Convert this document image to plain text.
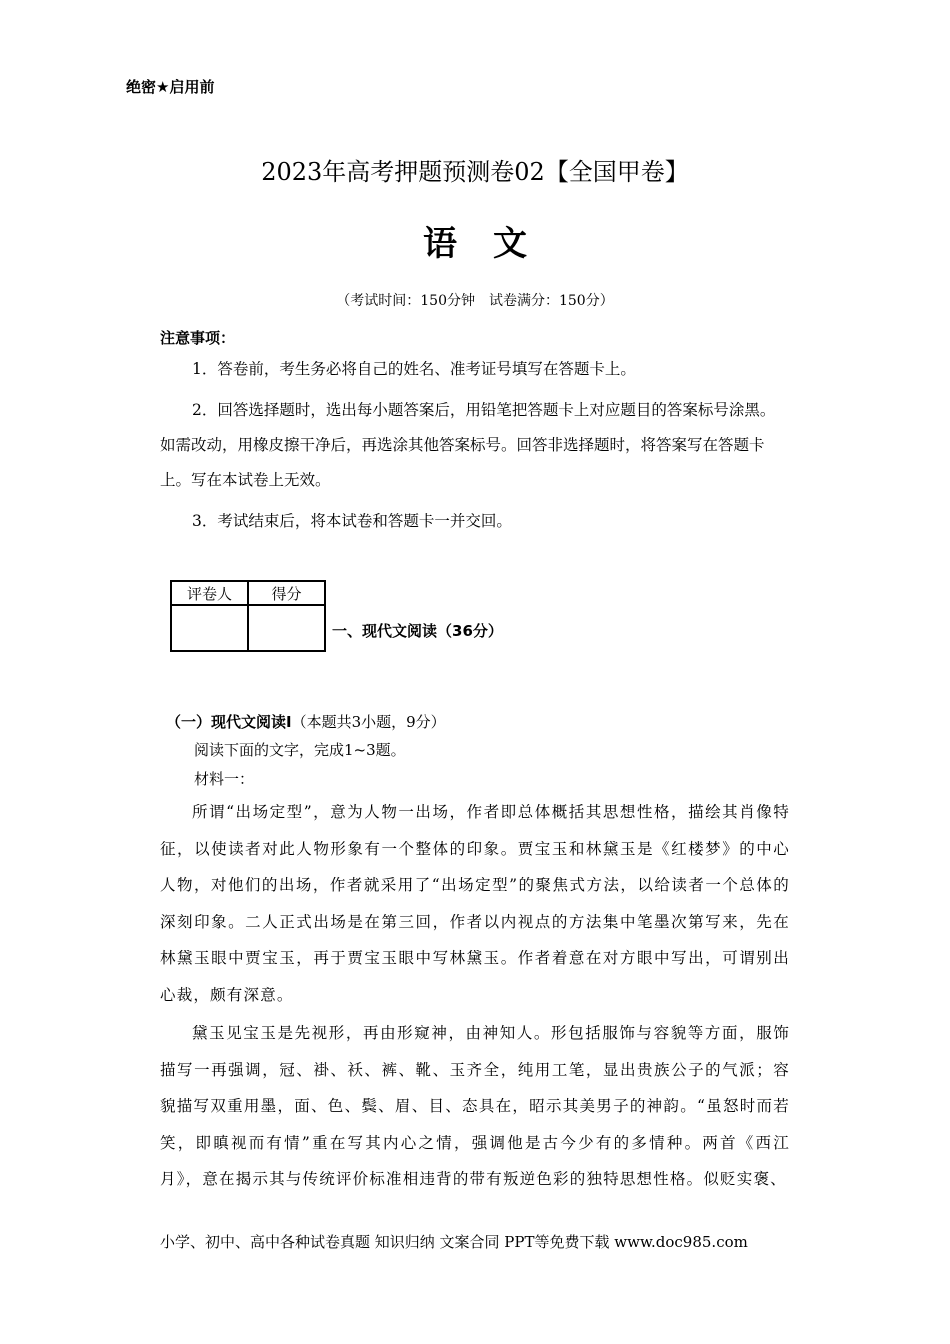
绝密★启用前
2023年高考押题预测卷02【全国甲卷】
语文
（考试时间：150分钟　试卷满分：150分）
注意事项：
1．答卷前，考生务必将自己的姓名、准考证号填写在答题卡上。
2．回答选择题时，选出每小题答案后，用铅笔把答题卡上对应题目的答案标号涂黑。如需改动，用橡皮擦干净后，再选涂其他答案标号。回答非选择题时，将答案写在答题卡上。写在本试卷上无效。
3．考试结束后，将本试卷和答题卡一并交回。
评卷人	得分

一、现代文阅读（36分）
（一）现代文阅读I（本题共3小题，9分）
阅读下面的文字，完成1~3题。
材料一：
所谓“出场定型”，意为人物一出场，作者即总体概括其思想性格，描绘其肖像特征，以使读者对此人物形象有一个整体的印象。贾宝玉和林黛玉是《红楼梦》的中心人物，对他们的出场，作者就采用了“出场定型”的聚焦式方法，以给读者一个总体的深刻印象。二人正式出场是在第三回，作者以内视点的方法集中笔墨次第写来，先在林黛玉眼中贾宝玉，再于贾宝玉眼中写林黛玉。作者着意在对方眼中写出，可谓别出心裁，颇有深意。
黛玉见宝玉是先视形，再由形窥神，由神知人。形包括服饰与容貌等方面，服饰描写一再强调，冠、褂、袄、裤、靴、玉齐全，纯用工笔，显出贵族公子的气派；容貌描写双重用墨，面、色、鬓、眉、目、态具在，昭示其美男子的神韵。“虽怒时而若笑，即瞋视而有情”重在写其内心之情，强调他是古今少有的多情种。两首《西江月》，意在揭示其与传统评价标准相违背的带有叛逆色彩的独特思想性格。似贬实褒、
小学、初中、高中各种试卷真题 知识归纳 文案合同 PPT等免费下载 www.doc985.com
